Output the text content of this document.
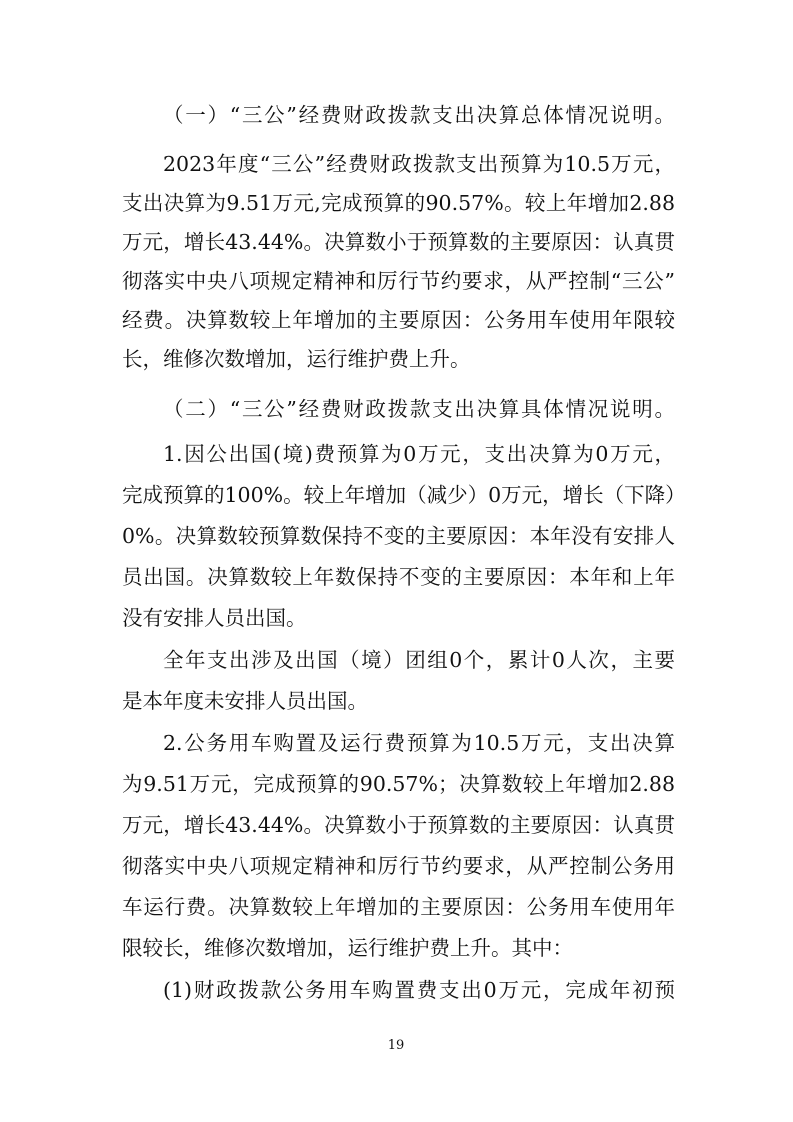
（一）“三公”经费财政拨款支出决算总体情况说明。
2023年度“三公”经费财政拨款支出预算为10.5万元，
支出决算为9.51万元,完成预算的90.57%。较上年增加2.88
万元，增长43.44%。决算数小于预算数的主要原因：认真贯
彻落实中央八项规定精神和厉行节约要求，从严控制“三公”
经费。决算数较上年增加的主要原因：公务用车使用年限较
长，维修次数增加，运行维护费上升。
（二）“三公”经费财政拨款支出决算具体情况说明。
1.因公出国(境)费预算为0万元，支出决算为0万元，
完成预算的100%。较上年增加（减少）0万元，增长（下降）
0%。决算数较预算数保持不变的主要原因：本年没有安排人
员出国。决算数较上年数保持不变的主要原因：本年和上年
没有安排人员出国。
全年支出涉及出国（境）团组0个，累计0人次，主要
是本年度未安排人员出国。
2.公务用车购置及运行费预算为10.5万元，支出决算
为9.51万元，完成预算的90.57%；决算数较上年增加2.88
万元，增长43.44%。决算数小于预算数的主要原因：认真贯
彻落实中央八项规定精神和厉行节约要求，从严控制公务用
车运行费。决算数较上年增加的主要原因：公务用车使用年
限较长，维修次数增加，运行维护费上升。其中：
(1)财政拨款公务用车购置费支出0万元，完成年初预
19
